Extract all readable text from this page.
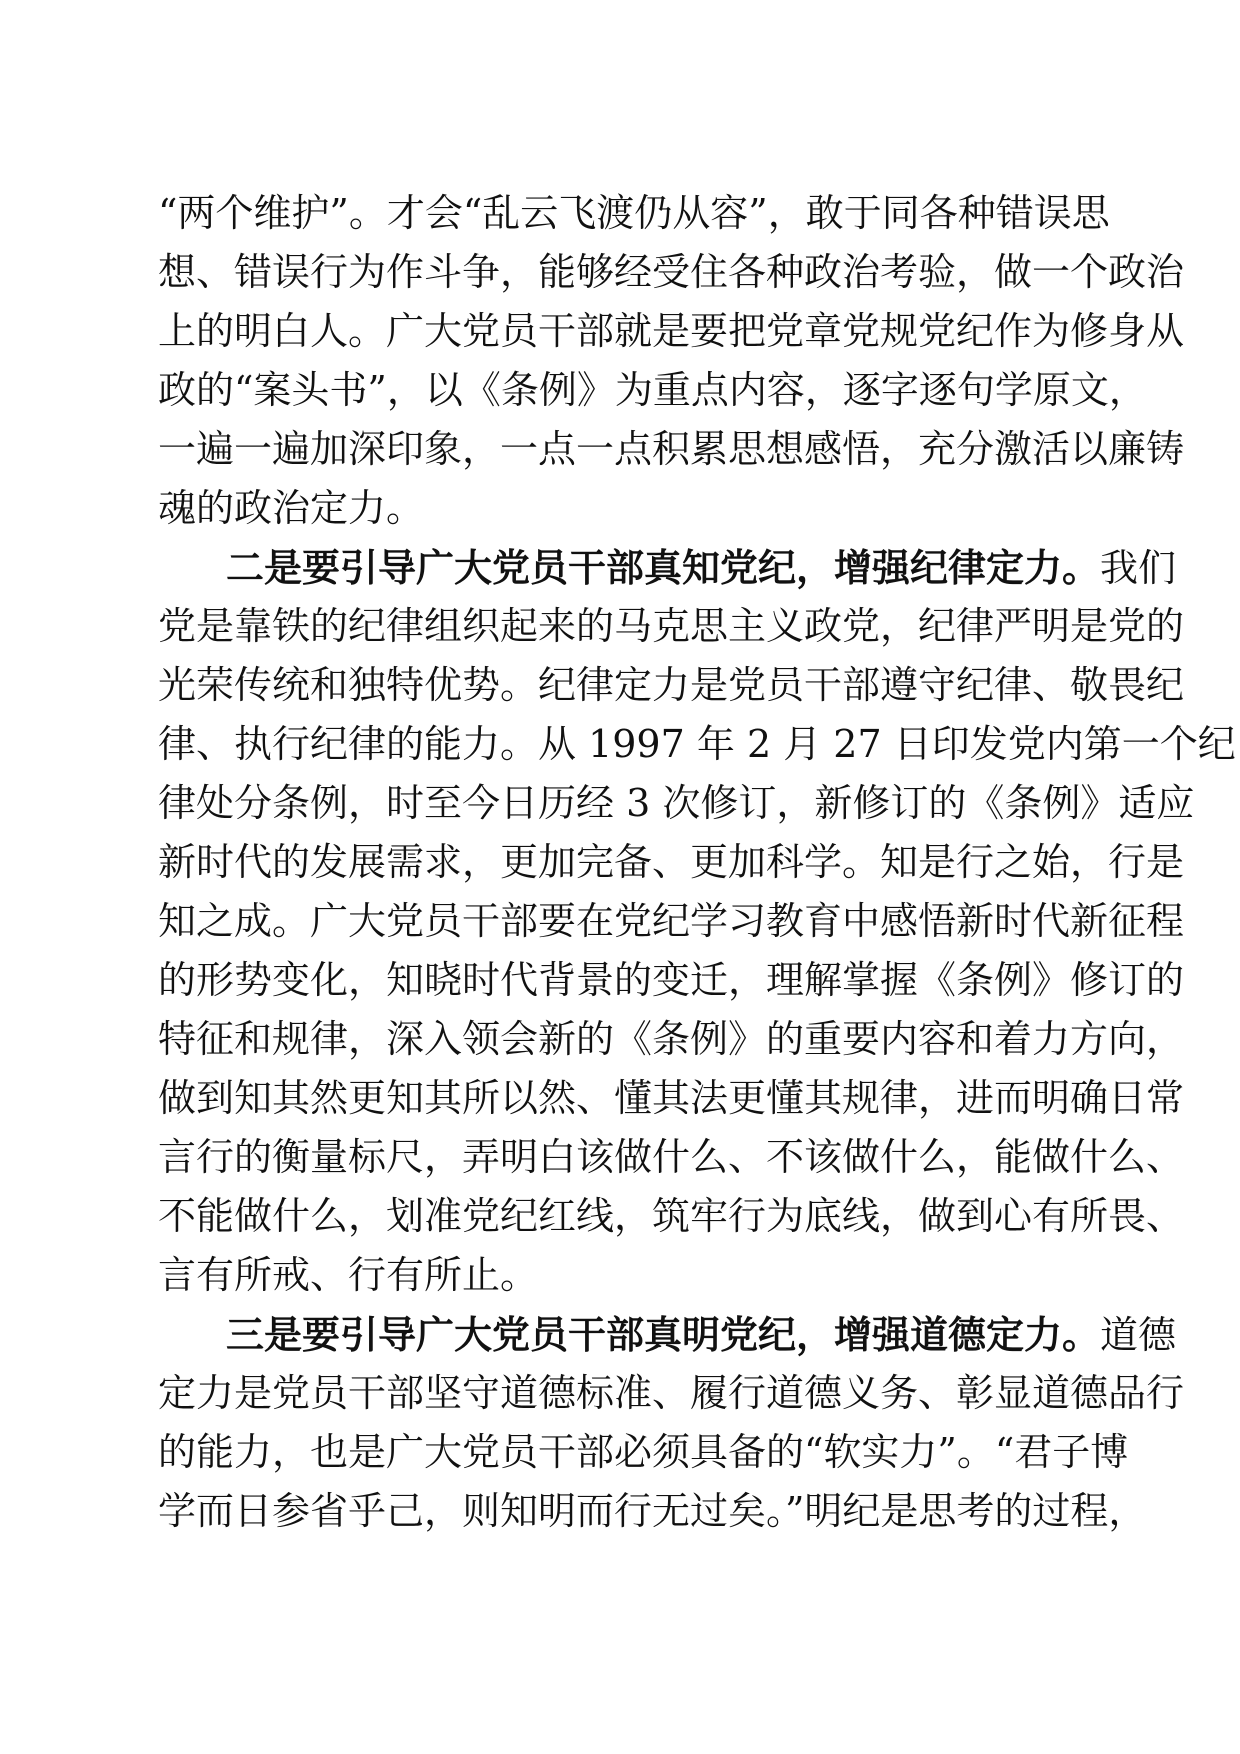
“两个维护”。才会“乱云飞渡仍从容”，敢于同各种错误思
想、错误行为作斗争，能够经受住各种政治考验，做一个政治
上的明白人。广大党员干部就是要把党章党规党纪作为修身从
政的“案头书”，以《条例》为重点内容，逐字逐句学原文，
一遍一遍加深印象，一点一点积累思想感悟，充分激活以廉铸
魂的政治定力。
二是要引导广大党员干部真知党纪，增强纪律定力。我们
党是靠铁的纪律组织起来的马克思主义政党，纪律严明是党的
光荣传统和独特优势。纪律定力是党员干部遵守纪律、敬畏纪
律、执行纪律的能力。从 1997 年 2 月 27 日印发党内第一个纪
律处分条例，时至今日历经 3 次修订，新修订的《条例》适应
新时代的发展需求，更加完备、更加科学。知是行之始，行是
知之成。广大党员干部要在党纪学习教育中感悟新时代新征程
的形势变化，知晓时代背景的变迁，理解掌握《条例》修订的
特征和规律，深入领会新的《条例》的重要内容和着力方向，
做到知其然更知其所以然、懂其法更懂其规律，进而明确日常
言行的衡量标尺，弄明白该做什么、不该做什么，能做什么、
不能做什么，划准党纪红线，筑牢行为底线，做到心有所畏、
言有所戒、行有所止。
三是要引导广大党员干部真明党纪，增强道德定力。道德
定力是党员干部坚守道德标准、履行道德义务、彰显道德品行
的能力，也是广大党员干部必须具备的“软实力”。“君子博
学而日参省乎己，则知明而行无过矣。”明纪是思考的过程，
